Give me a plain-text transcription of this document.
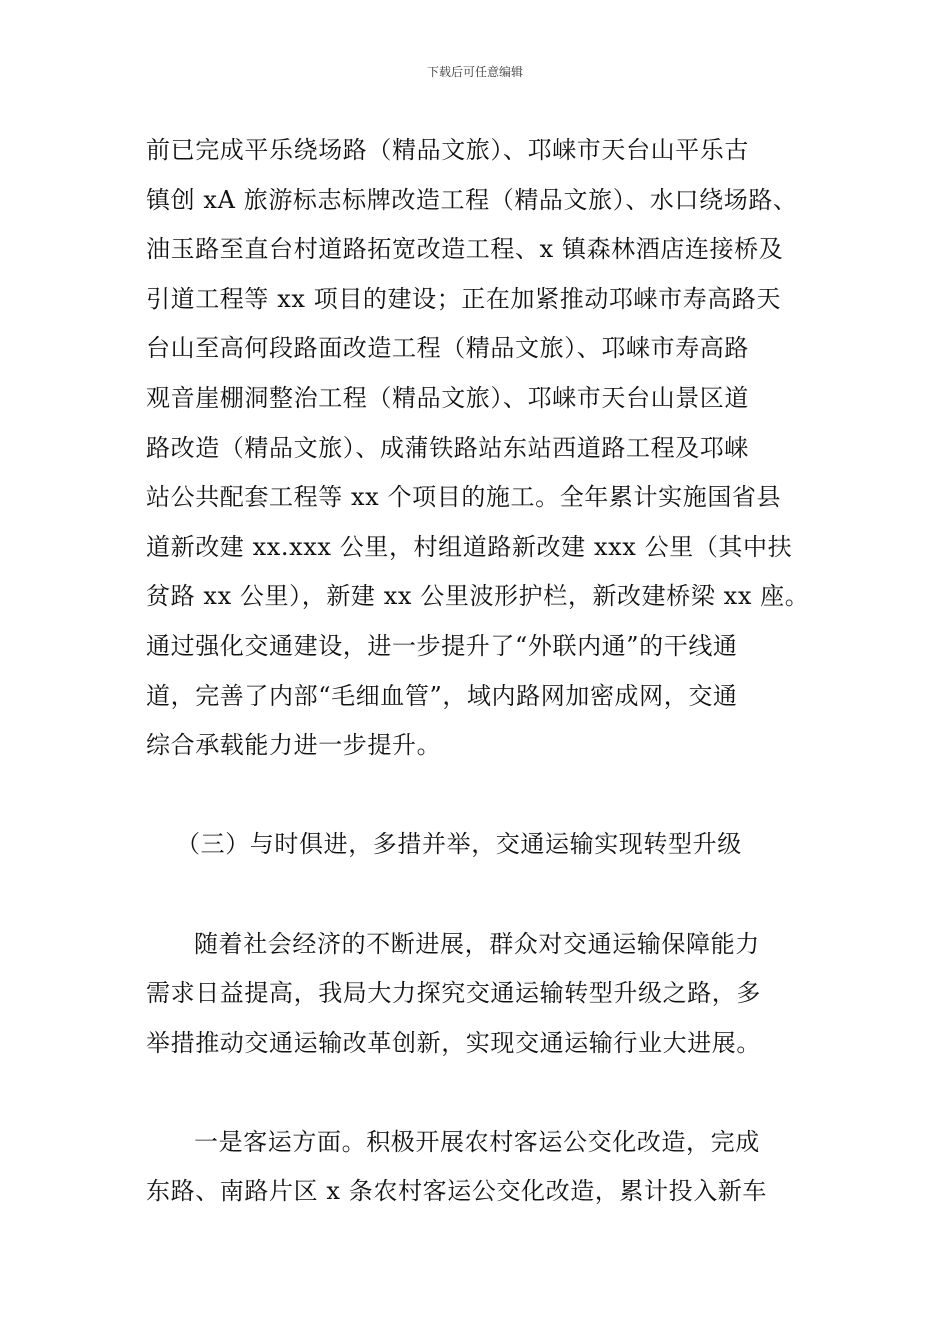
下载后可任意编辑
前已完成平乐绕场路（精品文旅）、邛崃市天台山平乐古
镇创 xA 旅游标志标牌改造工程（精品文旅）、水口绕场路、
油玉路至直台村道路拓宽改造工程、x 镇森林酒店连接桥及
引道工程等 xx 项目的建设；正在加紧推动邛崃市寿高路天
台山至高何段路面改造工程（精品文旅）、邛崃市寿高路
观音崖棚洞整治工程（精品文旅）、邛崃市天台山景区道
路改造（精品文旅）、成蒲铁路站东站西道路工程及邛崃
站公共配套工程等 xx 个项目的施工。全年累计实施国省县
道新改建 xx.xxx 公里，村组道路新改建 xxx 公里（其中扶
贫路 xx 公里），新建 xx 公里波形护栏，新改建桥梁 xx 座。
通过强化交通建设，进一步提升了“外联内通”的干线通
道，完善了内部“毛细血管”，域内路网加密成网，交通
综合承载能力进一步提升。
（三）与时俱进，多措并举，交通运输实现转型升级
随着社会经济的不断进展，群众对交通运输保障能力
需求日益提高，我局大力探究交通运输转型升级之路，多
举措推动交通运输改革创新，实现交通运输行业大进展。
一是客运方面。积极开展农村客运公交化改造，完成
东路、南路片区 x 条农村客运公交化改造，累计投入新车
